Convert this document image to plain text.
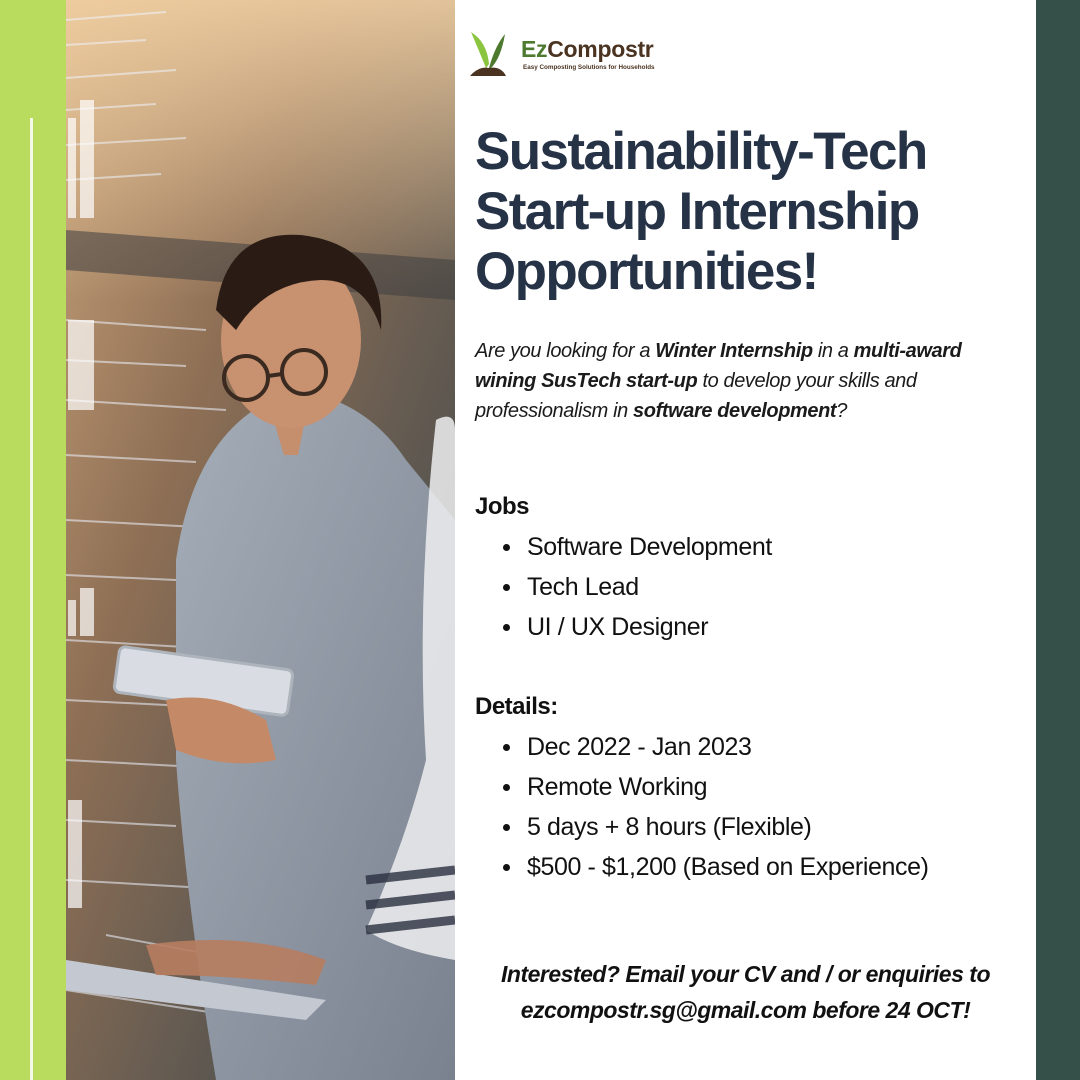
EzCompostr
Easy Composting Solutions for Households
Sustainability-Tech
Start-up Internship
Opportunities!

Are you looking for a Winter Internship in a multi-award wining SusTech start-up to develop your skills and professionalism in software development?

Jobs
Software Development
Tech Lead
UI / UX Designer
Details:
Dec 2022 - Jan 2023
Remote Working
5 days + 8 hours (Flexible)
$500 - $1,200 (Based on Experience)

Interested? Email your CV and / or enquiries to
ezcompostr.sg@gmail.com before 24 OCT!
